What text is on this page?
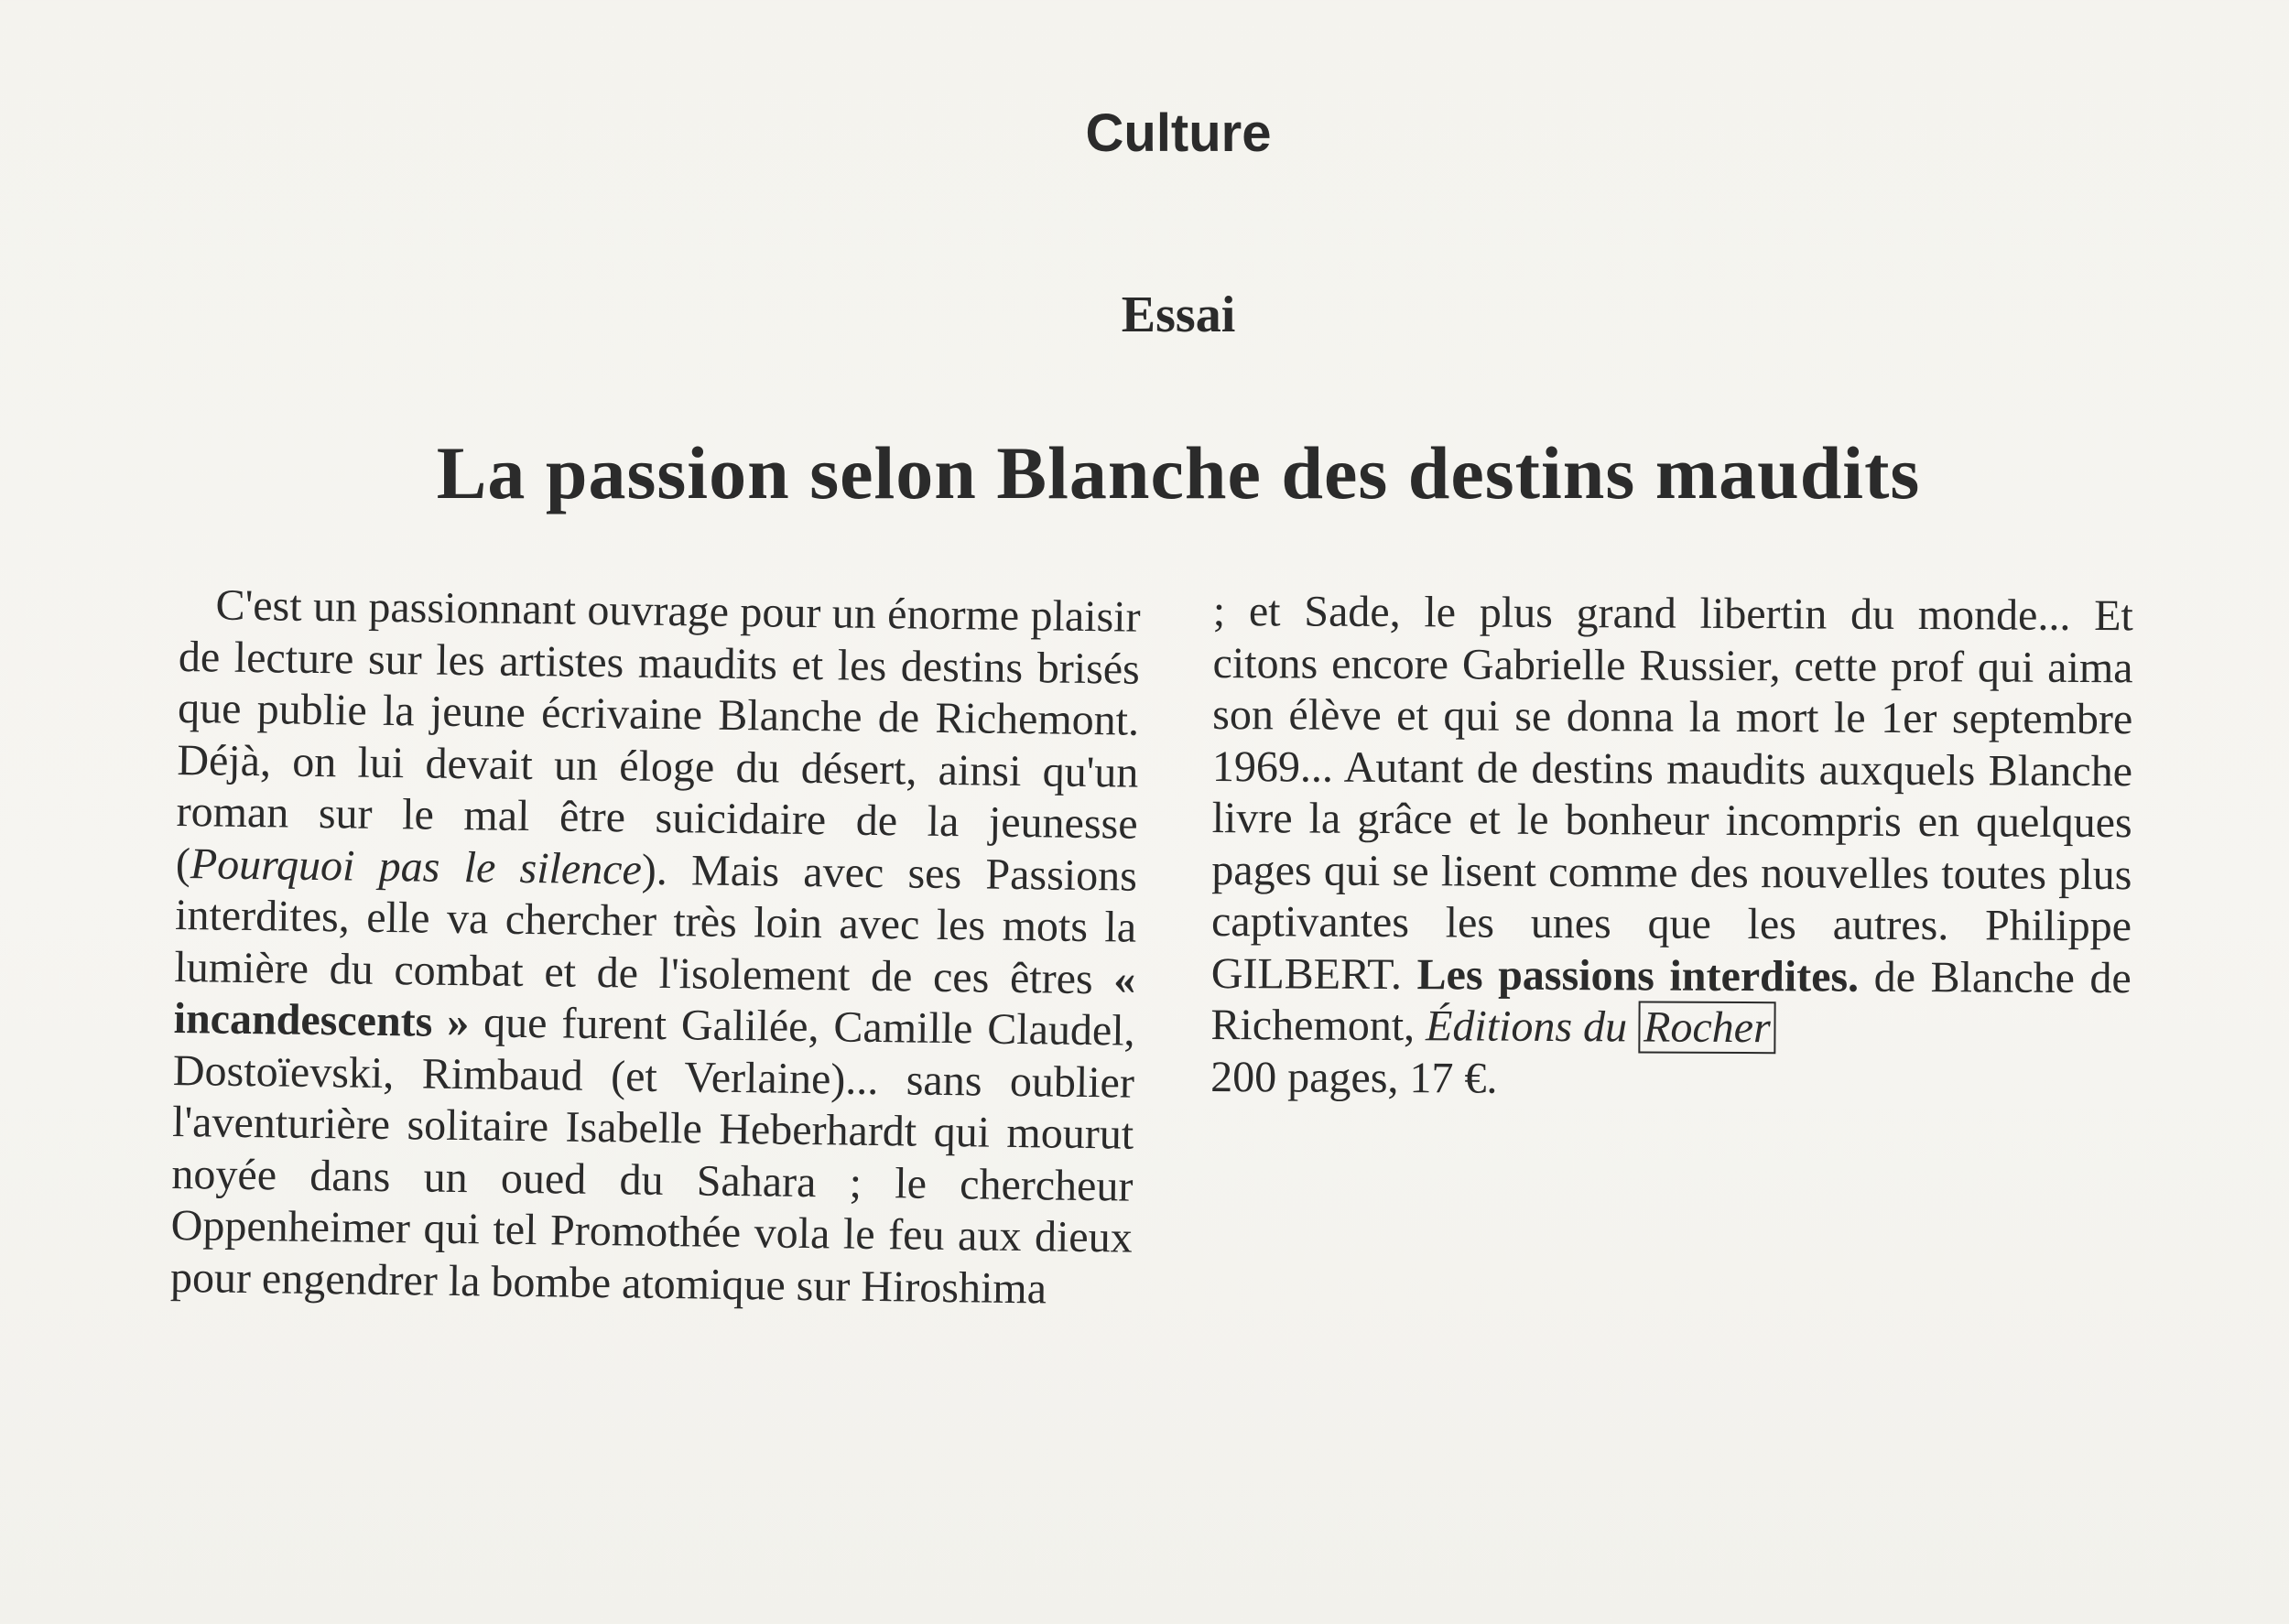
Culture
Essai
La passion selon Blanche des destins maudits

C'est un passionnant ouvrage pour un énorme plaisir de lecture sur les artistes maudits et les destins brisés que publie la jeune écrivaine Blanche de Richemont. Déjà, on lui devait un éloge du désert, ainsi qu'un roman sur le mal être suicidaire de la jeunesse (Pourquoi pas le silence). Mais avec ses Passions interdites, elle va chercher très loin avec les mots la lumière du combat et de l'isolement de ces êtres « incandescents » que furent Galilée, Camille Claudel, Dostoïevski, Rimbaud (et Verlaine)... sans oublier l'aventurière solitaire Isabelle Heberhardt qui mourut noyée dans un oued du Sahara ; le chercheur Oppenheimer qui tel Promothée vola le feu aux dieux pour engendrer la bombe atomique sur Hiroshima

; et Sade, le plus grand libertin du monde... Et citons encore Gabrielle Russier, cette prof qui aima son élève et qui se donna la mort le 1er septembre 1969... Autant de destins maudits auxquels Blanche livre la grâce et le bonheur incompris en quelques pages qui se lisent comme des nouvelles toutes plus captivantes les unes que les autres. Philippe GILBERT. Les passions interdites. de Blanche de Richemont, Éditions du Rocher
200 pages, 17 €.
